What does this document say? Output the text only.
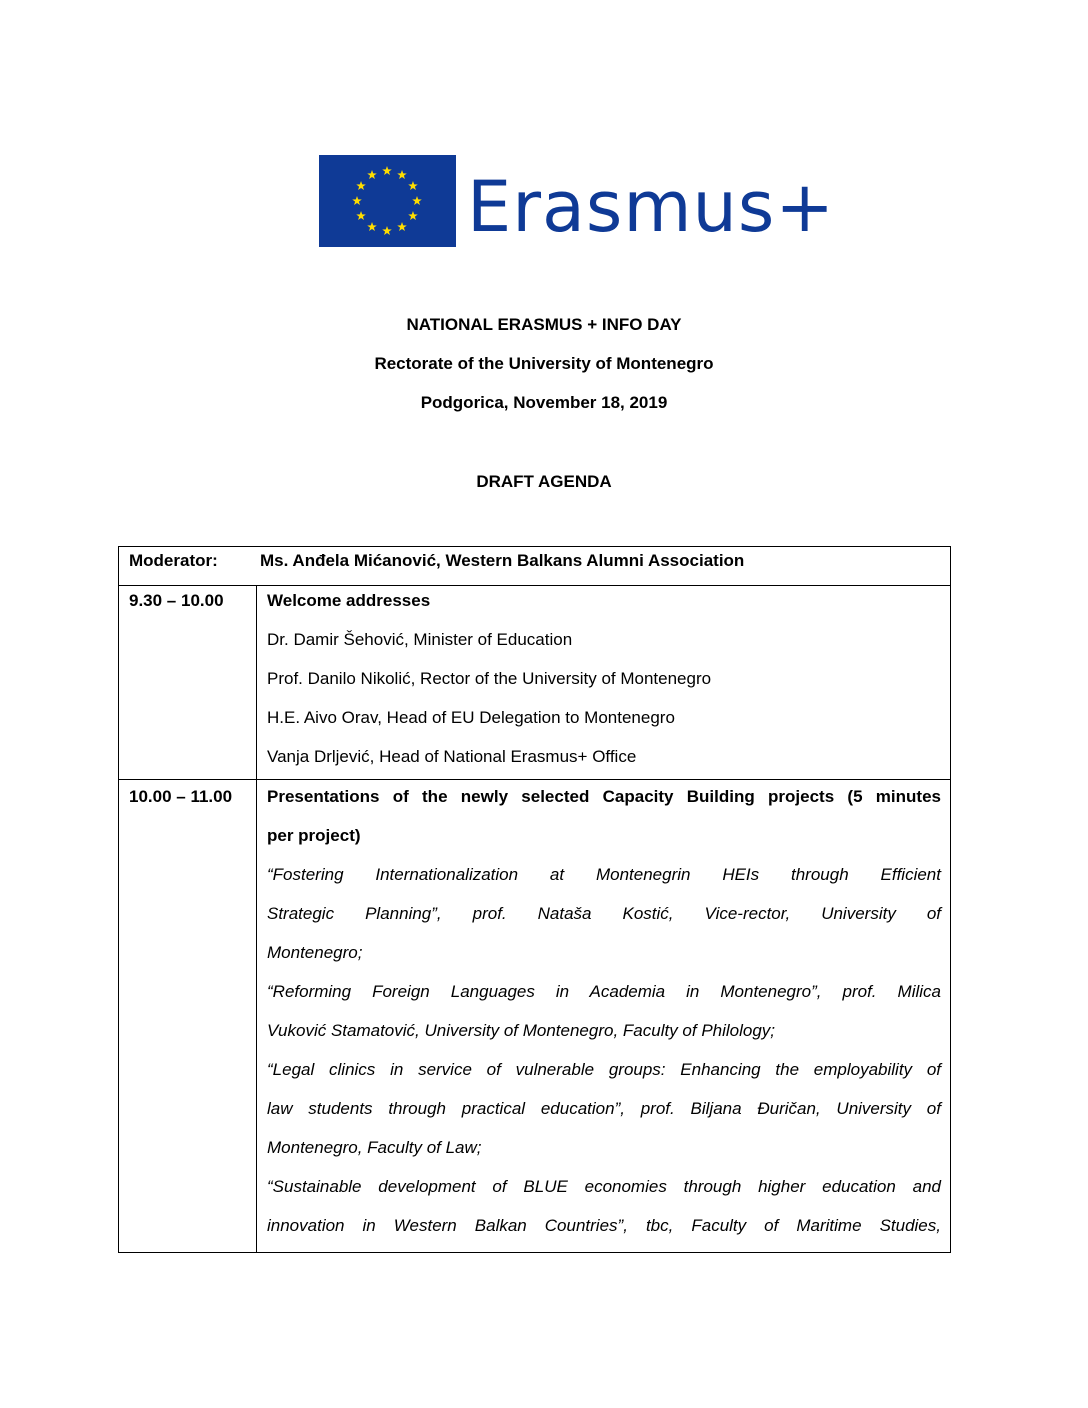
Erasmus+
NATIONAL ERASMUS + INFO DAY
Rectorate of the University of Montenegro
Podgorica, November 18, 2019
DRAFT AGENDA
Moderator: Ms. Anđela Mićanović, Western Balkans Alumni Association
9.30 – 10.00	Welcome addresses
Dr. Damir Šehović, Minister of Education
Prof. Danilo Nikolić, Rector of the University of Montenegro
H.E. Aivo Orav, Head of EU Delegation to Montenegro
Vanja Drljević, Head of National Erasmus+ Office
10.00 – 11.00 Presentations of the newly selected Capacity Building projects (5 minutes
per project)
“Fostering Internationalization at Montenegrin HEIs through Efficient
Strategic Planning”, prof. Nataša Kostić, Vice-rector, University of
Montenegro;
“Reforming Foreign Languages in Academia in Montenegro”, prof. Milica
Vuković Stamatović, University of Montenegro, Faculty of Philology;
“Legal clinics in service of vulnerable groups: Enhancing the employability of
law students through practical education”, prof. Biljana Đuričan, University of
Montenegro, Faculty of Law;
“Sustainable development of BLUE economies through higher education and
innovation in Western Balkan Countries”, tbc, Faculty of Maritime Studies,
